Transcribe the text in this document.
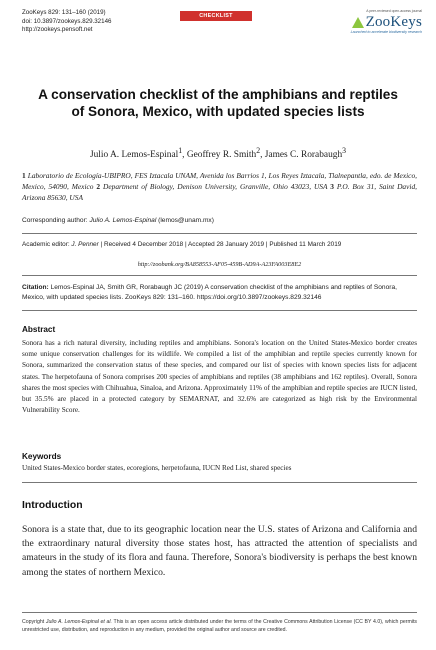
ZooKeys 829: 131–160 (2019)
doi: 10.3897/zookeys.829.32146
http://zookeys.pensoft.net
CHECKLIST
A peer-reviewed open-access journal
ZooKeys
Launched to accelerate biodiversity research
A conservation checklist of the amphibians and reptiles of Sonora, Mexico, with updated species lists
Julio A. Lemos-Espinal$^1$, Geoffrey R. Smith$^2$, James C. Rorabaugh$^3$
1 Laboratorio de Ecología-UBIPRO, FES Iztacala UNAM, Avenida los Barrios 1, Los Reyes Iztacala, Tlalnepantla, edo. de Mexico, Mexico, 54090, Mexico 2 Department of Biology, Denison University, Granville, Ohio 43023, USA 3 P.O. Box 31, Saint David, Arizona 85630, USA
Corresponding author: Julio A. Lemos-Espinal (lemos@unam.mx)
Academic editor: J. Penner | Received 4 December 2018 | Accepted 28 January 2019 | Published 11 March 2019
http://zoobank.org/BA858553-AF05-459B-AD9A-A23FA003E8E2
Citation: Lemos-Espinal JA, Smith GR, Rorabaugh JC (2019) A conservation checklist of the amphibians and reptiles of Sonora, Mexico, with updated species lists. ZooKeys 829: 131–160. https://doi.org/10.3897/zookeys.829.32146
Abstract
Sonora has a rich natural diversity, including reptiles and amphibians. Sonora's location on the United States-Mexico border creates some unique conservation challenges for its wildlife. We compiled a list of the amphibian and reptile species currently known for Sonora, summarized the conservation status of these species, and compared our list of species with known species lists for adjacent states. The herpetofauna of Sonora comprises 200 species of amphibians and reptiles (38 amphibians and 162 reptiles). Overall, Sonora shares the most species with Chihuahua, Sinaloa, and Arizona. Approximately 11% of the amphibian and reptile species are IUCN listed, but 35.5% are placed in a protected category by SEMARNAT, and 32.6% are categorized as high risk by the Environmental Vulnerability Score.
Keywords
United States-Mexico border states, ecoregions, herpetofauna, IUCN Red List, shared species
Introduction
Sonora is a state that, due to its geographic location near the U.S. states of Arizona and California and the extraordinary natural diversity those states host, has attracted the attention of specialists and amateurs in the study of its flora and fauna. Therefore, Sonora's biodiversity is perhaps the best known among the states of northern Mexico.
Copyright Julio A. Lemos-Espinal et al. This is an open access article distributed under the terms of the Creative Commons Attribution License (CC BY 4.0), which permits unrestricted use, distribution, and reproduction in any medium, provided the original author and source are credited.
